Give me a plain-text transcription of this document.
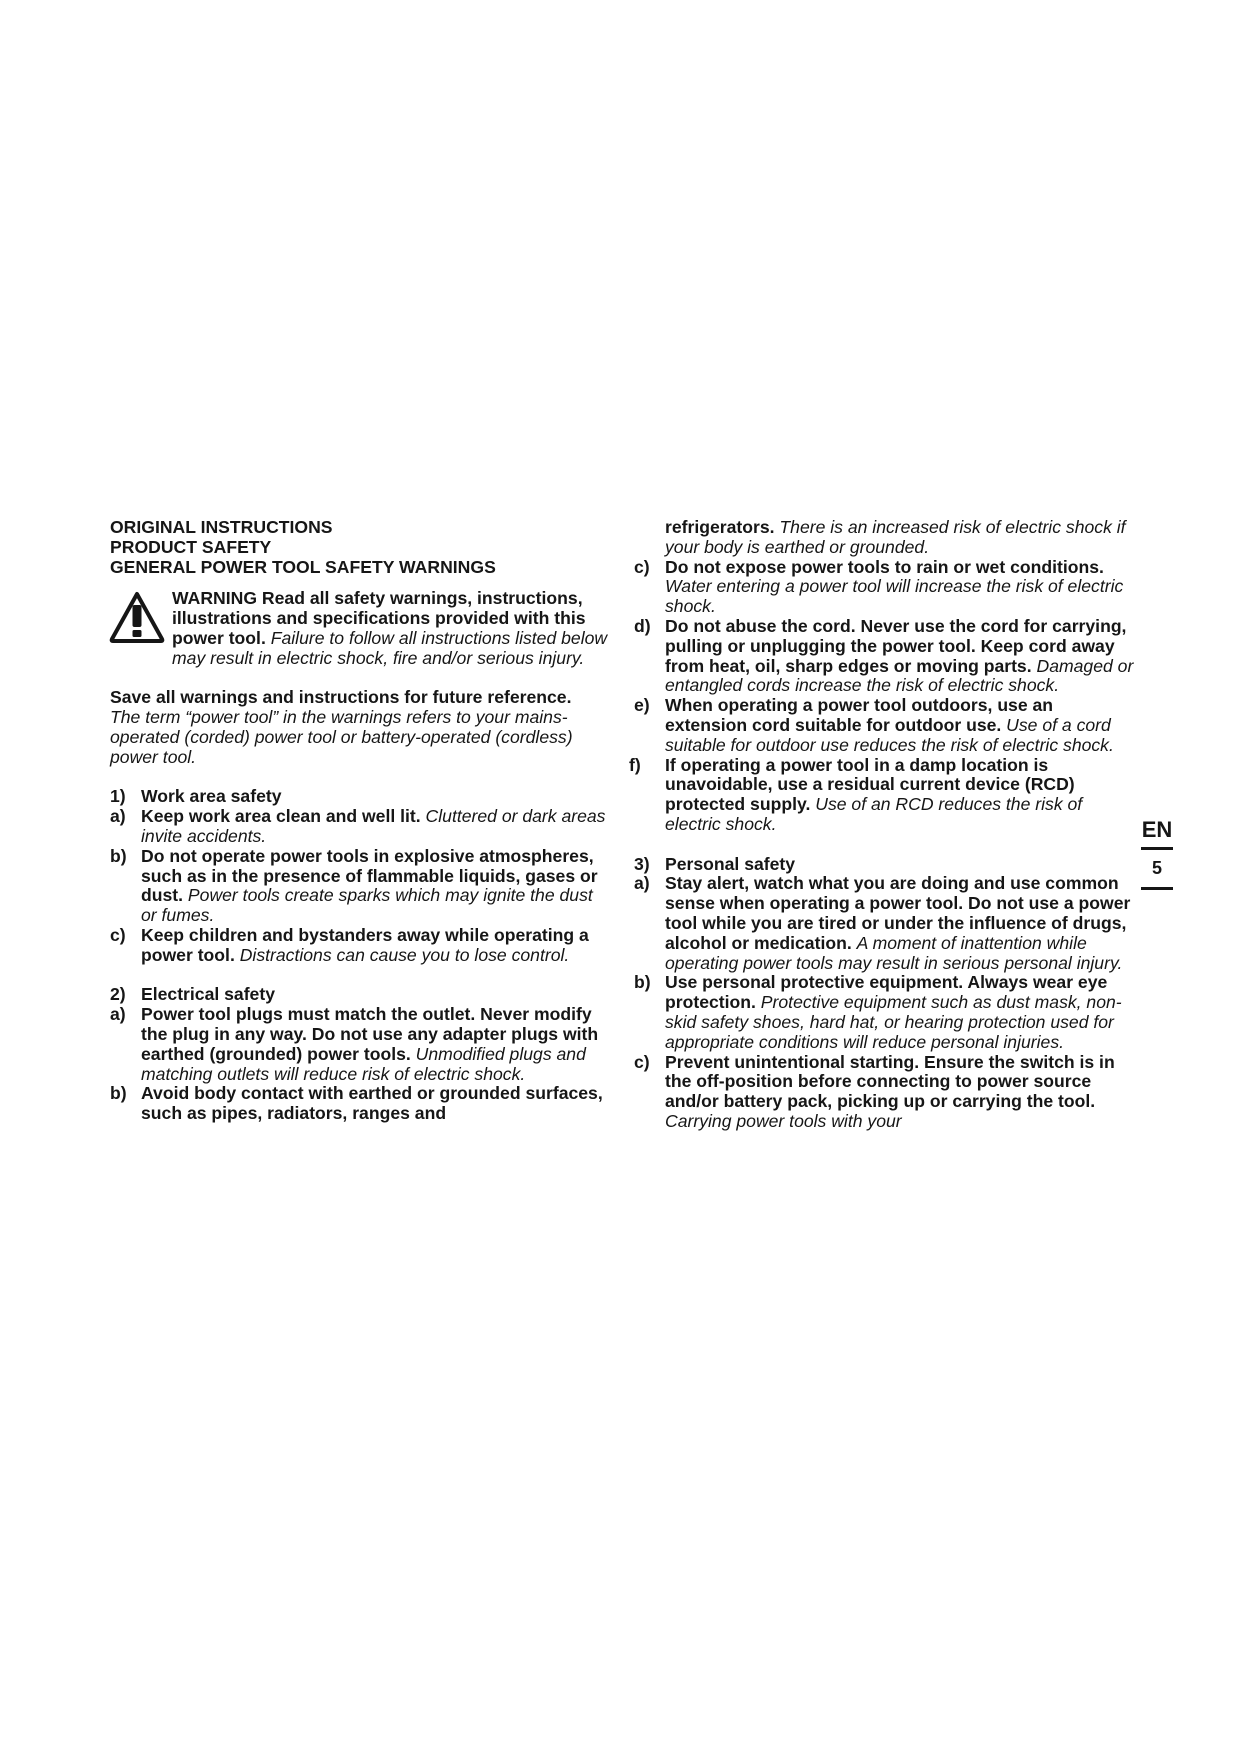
ORIGINAL INSTRUCTIONS

PRODUCT SAFETY

GENERAL POWER TOOL SAFETY WARNINGS

WARNING Read all safety warnings, instructions, illustrations and specifications provided with this power tool. Failure to follow all instructions listed below may result in electric shock, fire and/or serious injury.

Save all warnings and instructions for future reference.
The term “power tool” in the warnings refers to your mains-operated (corded) power tool or battery-operated (cordless) power tool.

1) Work area safety
a) Keep work area clean and well lit. Cluttered or dark areas invite accidents.
b) Do not operate power tools in explosive atmospheres, such as in the presence of flammable liquids, gases or dust. Power tools create sparks which may ignite the dust or fumes.
c) Keep children and bystanders away while operating a power tool. Distractions can cause you to lose control.
2) Electrical safety
a) Power tool plugs must match the outlet. Never modify the plug in any way. Do not use any adapter plugs with earthed (grounded) power tools. Unmodified plugs and matching outlets will reduce risk of electric shock.
b) Avoid body contact with earthed or grounded surfaces, such as pipes, radiators, ranges and
refrigerators. There is an increased risk of electric shock if your body is earthed or grounded.
c) Do not expose power tools to rain or wet conditions. Water entering a power tool will increase the risk of electric shock.
d) Do not abuse the cord. Never use the cord for carrying, pulling or unplugging the power tool. Keep cord away from heat, oil, sharp edges or moving parts. Damaged or entangled cords increase the risk of electric shock.
e) When operating a power tool outdoors, use an extension cord suitable for outdoor use. Use of a cord suitable for outdoor use reduces the risk of electric shock.
f) If operating a power tool in a damp location is unavoidable, use a residual current device (RCD) protected supply. Use of an RCD reduces the risk of electric shock.
3) Personal safety
a) Stay alert, watch what you are doing and use common sense when operating a power tool. Do not use a power tool while you are tired or under the influence of drugs, alcohol or medication. A moment of inattention while operating power tools may result in serious personal injury.
b) Use personal protective equipment. Always wear eye protection. Protective equipment such as dust mask, non-skid safety shoes, hard hat, or hearing protection used for appropriate conditions will reduce personal injuries.
c) Prevent unintentional starting. Ensure the switch is in the off-position before connecting to power source and/or battery pack, picking up or carrying the tool. Carrying power tools with your
EN
5
